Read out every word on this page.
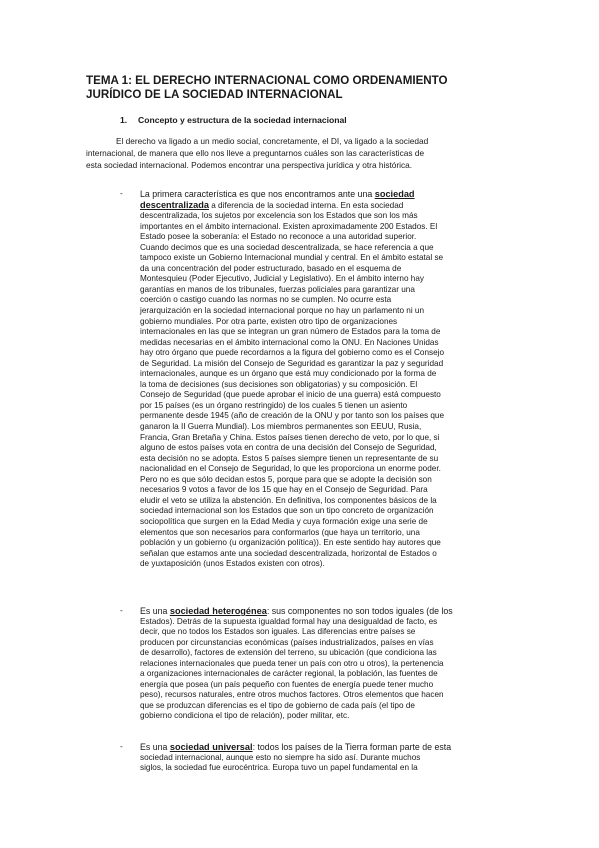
TEMA 1: EL DERECHO INTERNACIONAL COMO ORDENAMIENTO
JURÍDICO DE LA SOCIEDAD INTERNACIONAL
1. Concepto y estructura de la sociedad internacional
El derecho va ligado a un medio social, concretamente, el DI, va ligado a la sociedad
internacional, de manera que ello nos lleve a preguntarnos cuáles son las características de
esta sociedad internacional. Podemos encontrar una perspectiva jurídica y otra histórica.
- La primera característica es que nos encontramos ante una sociedad
descentralizada a diferencia de la sociedad interna. En esta sociedad
descentralizada, los sujetos por excelencia son los Estados que son los más
importantes en el ámbito internacional. Existen aproximadamente 200 Estados. El
Estado posee la soberanía: el Estado no reconoce a una autoridad superior.
Cuando decimos que es una sociedad descentralizada, se hace referencia a que
tampoco existe un Gobierno Internacional mundial y central. En el ámbito estatal se
da una concentración del poder estructurado, basado en el esquema de
Montesquieu (Poder Ejecutivo, Judicial y Legislativo). En el ámbito interno hay
garantías en manos de los tribunales, fuerzas policiales para garantizar una
coerción o castigo cuando las normas no se cumplen. No ocurre esta
jerarquización en la sociedad internacional porque no hay un parlamento ni un
gobierno mundiales. Por otra parte, existen otro tipo de organizaciones
internacionales en las que se integran un gran número de Estados para la toma de
medidas necesarias en el ámbito internacional como la ONU. En Naciones Unidas
hay otro órgano que puede recordarnos a la figura del gobierno como es el Consejo
de Seguridad. La misión del Consejo de Seguridad es garantizar la paz y seguridad
internacionales, aunque es un órgano que está muy condicionado por la forma de
la toma de decisiones (sus decisiones son obligatorias) y su composición. El
Consejo de Seguridad (que puede aprobar el inicio de una guerra) está compuesto
por 15 países (es un órgano restringido) de los cuales 5 tienen un asiento
permanente desde 1945 (año de creación de la ONU y por tanto son los países que
ganaron la II Guerra Mundial). Los miembros permanentes son EEUU, Rusia,
Francia, Gran Bretaña y China. Estos países tienen derecho de veto, por lo que, si
alguno de estos países vota en contra de una decisión del Consejo de Seguridad,
esta decisión no se adopta. Estos 5 países siempre tienen un representante de su
nacionalidad en el Consejo de Seguridad, lo que les proporciona un enorme poder.
Pero no es que sólo decidan estos 5, porque para que se adopte la decisión son
necesarios 9 votos a favor de los 15 que hay en el Consejo de Seguridad. Para
eludir el veto se utiliza la abstención. En definitiva, los componentes básicos de la
sociedad internacional son los Estados que son un tipo concreto de organización
sociopolítica que surgen en la Edad Media y cuya formación exige una serie de
elementos que son necesarios para conformarlos (que haya un territorio, una
población y un gobierno (u organización política)). En este sentido hay autores que
señalan que estamos ante una sociedad descentralizada, horizontal de Estados o
de yuxtaposición (unos Estados existen con otros).
- Es una sociedad heterogénea: sus componentes no son todos iguales (de los
Estados). Detrás de la supuesta igualdad formal hay una desigualdad de facto, es
decir, que no todos los Estados son iguales. Las diferencias entre países se
producen por circunstancias económicas (países industrializados, países en vías
de desarrollo), factores de extensión del terreno, su ubicación (que condiciona las
relaciones internacionales que pueda tener un país con otro u otros), la pertenencia
a organizaciones internacionales de carácter regional, la población, las fuentes de
energía que posea (un país pequeño con fuentes de energía puede tener mucho
peso), recursos naturales, entre otros muchos factores. Otros elementos que hacen
que se produzcan diferencias es el tipo de gobierno de cada país (el tipo de
gobierno condiciona el tipo de relación), poder militar, etc.
- Es una sociedad universal: todos los países de la Tierra forman parte de esta
sociedad internacional, aunque esto no siempre ha sido así. Durante muchos
siglos, la sociedad fue eurocéntrica. Europa tuvo un papel fundamental en la
